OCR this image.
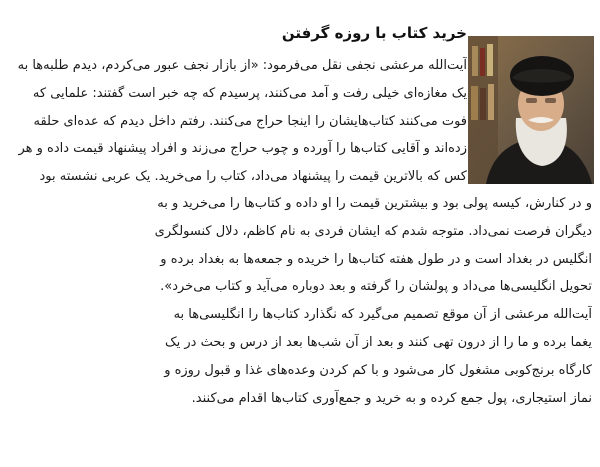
خرید کتاب با روزه گرفتن
آیت‌الله مرعشی نجفی نقل می‌فرمود: «از بازار نجف عبور می‌کردم، دیدم طلبه‌ها به
یک مغازه‌ای خیلی رفت و آمد می‌کنند، پرسیدم که چه خبر است گفتند: علمایی که
فوت می‌کنند کتاب‌هایشان را اینجا حراج می‌کنند. رفتم داخل دیدم که عده‌ای حلقه
زده‌اند و آقایی کتاب‌ها را آورده و چوب حراج می‌زند و افراد پیشنهاد قیمت داده و هر
کس که بالاترین قیمت را پیشنهاد می‌داد، کتاب را می‌خرید. یک عربی نشسته بود
و در کنارش، کیسه پولی بود و بیشترین قیمت را او داده و کتاب‌ها را می‌خرید و به
دیگران فرصت نمی‌داد. متوجه شدم که ایشان فردی به نام کاظم، دلال کنسولگری
انگلیس در بغداد است و در طول هفته کتاب‌ها را خریده و جمعه‌ها به بغداد برده و
تحویل انگلیسی‌ها می‌داد و پولشان را گرفته و بعد دوباره می‌آید و کتاب می‌خرد».
آیت‌الله مرعشی از آن موقع تصمیم می‌گیرد که نگذارد کتاب‌ها را انگلیسی‌ها به
یغما برده و ما را از درون تهی کنند و بعد از آن شب‌ها بعد از درس و بحث در یک
کارگاه برنج‌کوبی مشغول کار می‌شود و با کم کردن وعده‌های غذا و قبول روزه و
نماز استیجاری، پول جمع کرده و به خرید و جمع‌آوری کتاب‌ها اقدام می‌کنند.
